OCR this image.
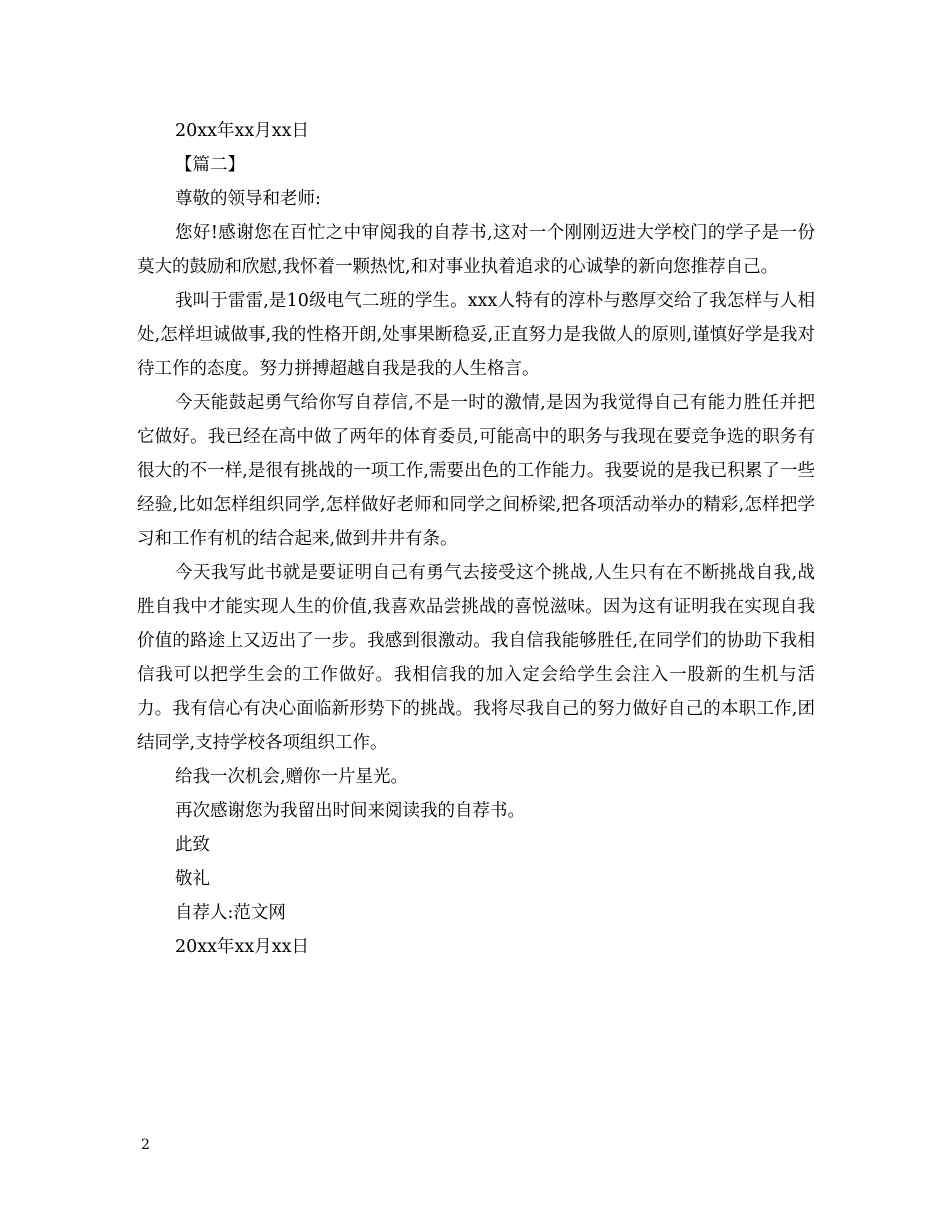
20xx年xx月xx日
【篇二】
尊敬的领导和老师:

您好!感谢您在百忙之中审阅我的自荐书,这对一个刚刚迈进大学校门的学子是一份莫大的鼓励和欣慰,我怀着一颗热忱,和对事业执着追求的心诚挚的新向您推荐自己。

我叫于雷雷,是10级电气二班的学生。xxx人特有的淳朴与憨厚交给了我怎样与人相处,怎样坦诚做事,我的性格开朗,处事果断稳妥,正直努力是我做人的原则,谨慎好学是我对待工作的态度。努力拼搏超越自我是我的人生格言。

今天能鼓起勇气给你写自荐信,不是一时的激情,是因为我觉得自己有能力胜任并把它做好。我已经在高中做了两年的体育委员,可能高中的职务与我现在要竞争选的职务有很大的不一样,是很有挑战的一项工作,需要出色的工作能力。我要说的是我已积累了一些经验,比如怎样组织同学,怎样做好老师和同学之间桥梁,把各项活动举办的精彩,怎样把学习和工作有机的结合起来,做到井井有条。

今天我写此书就是要证明自己有勇气去接受这个挑战,人生只有在不断挑战自我,战胜自我中才能实现人生的价值,我喜欢品尝挑战的喜悦滋味。因为这有证明我在实现自我价值的路途上又迈出了一步。我感到很激动。我自信我能够胜任,在同学们的协助下我相信我可以把学生会的工作做好。我相信我的加入定会给学生会注入一股新的生机与活力。我有信心有决心面临新形势下的挑战。我将尽我自己的努力做好自己的本职工作,团结同学,支持学校各项组织工作。

给我一次机会,赠你一片星光。
再次感谢您为我留出时间来阅读我的自荐书。
此致
敬礼
自荐人:范文网
20xx年xx月xx日
2
